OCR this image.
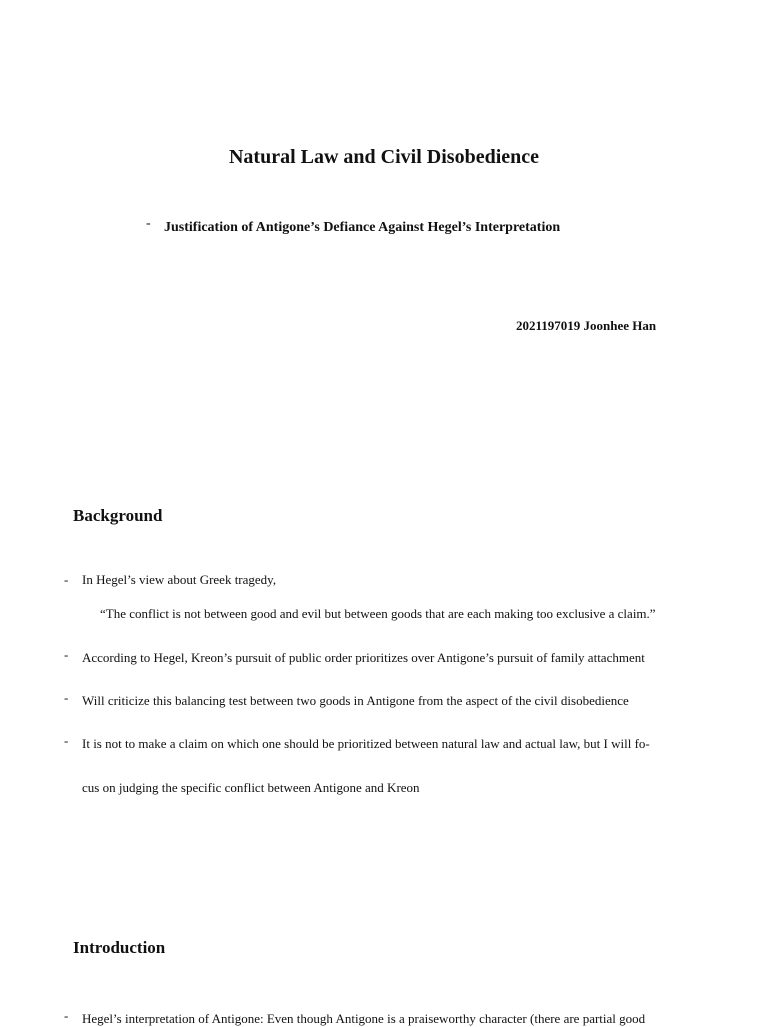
Natural Law and Civil Disobedience
- Justification of Antigone’s Defiance Against Hegel’s Interpretation
2021197019 Joonhee Han
Background
- In Hegel’s view about Greek tragedy,
“The conflict is not between good and evil but between goods that are each making too exclusive a claim.”
- According to Hegel, Kreon’s pursuit of public order prioritizes over Antigone’s pursuit of family attachment
- Will criticize this balancing test between two goods in Antigone from the aspect of the civil disobedience
- It is not to make a claim on which one should be prioritized between natural law and actual law, but I will fo-
cus on judging the specific conflict between Antigone and Kreon
Introduction
- Hegel’s interpretation of Antigone: Even though Antigone is a praiseworthy character (there are partial good
